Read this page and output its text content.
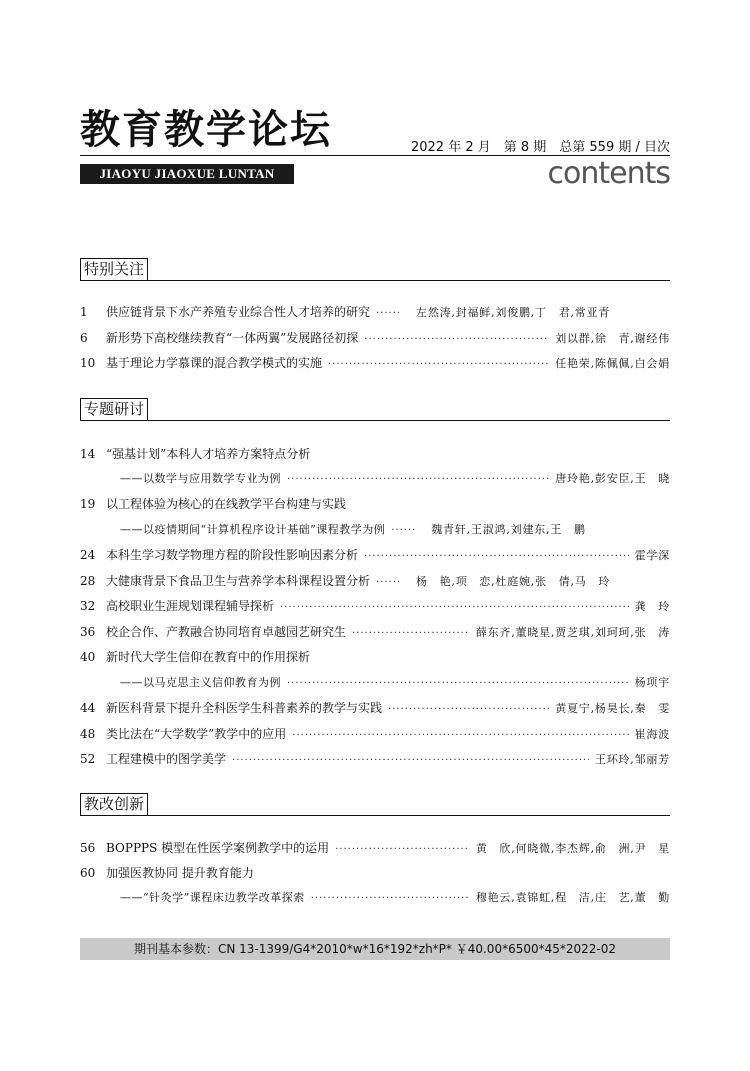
教育教学论坛	2022 年 2 月　第 8 期　总第 559 期 / 目次
JIAOYU JIAOXUE LUNTAN	contents
特别关注
1	供应链背景下水产养殖专业综合性人才培养的研究 ······	左然涛,封福鲜,刘俊鹏,丁　君,常亚青
6	新形势下高校继续教育“一体两翼”发展路径初探 ·····	刘以群,徐　青,谢经伟
10 基于理论力学慕课的混合教学模式的实施 ·····	任艳荣,陈佩佩,白会娟
专题研讨
14 “强基计划”本科人才培养方案特点分析
——以数学与应用数学专业为例 ·····	唐玲艳,彭安臣,王　晓
19 以工程体验为核心的在线教学平台构建与实践
——以疫情期间“计算机程序设计基础”课程教学为例 ······	魏青轩,王淑鸿,刘建东,王　鹏
24 本科生学习数学物理方程的阶段性影响因素分析 ·····	霍学深
28 大健康背景下食品卫生与营养学本科课程设置分析 ······	杨　艳,项　恋,杜庭婉,张　倩,马　玲
32 高校职业生涯规划课程辅导探析 ·····	龚　玲
36 校企合作、产教融合协同培育卓越园艺研究生 ·····	薛东齐,董晓星,贾芝琪,刘珂珂,张　涛
40 新时代大学生信仰在教育中的作用探析
——以马克思主义信仰教育为例 ·····	杨项宇
44 新医科背景下提升全科医学生科普素养的教学与实践 ·····	黄夏宁,杨昊长,秦　雯
48 类比法在“大学数学”教学中的应用 ·····	崔海波
52 工程建模中的图学美学 ·····	王环玲,邹丽芳
教改创新
56 BOPPPS 模型在性医学案例教学中的运用 ·····	黄　欣,何晓微,李杰辉,俞　洲,尹　星
60 加强医教协同 提升教育能力
——“针灸学”课程床边教学改革探索 ·····	穆艳云,袁锦虹,程　洁,庄　艺,董　勤
期刊基本参数：CN 13-1399/G4*2010*w*16*192*zh*P* ￥40.00*6500*45*2022-02
